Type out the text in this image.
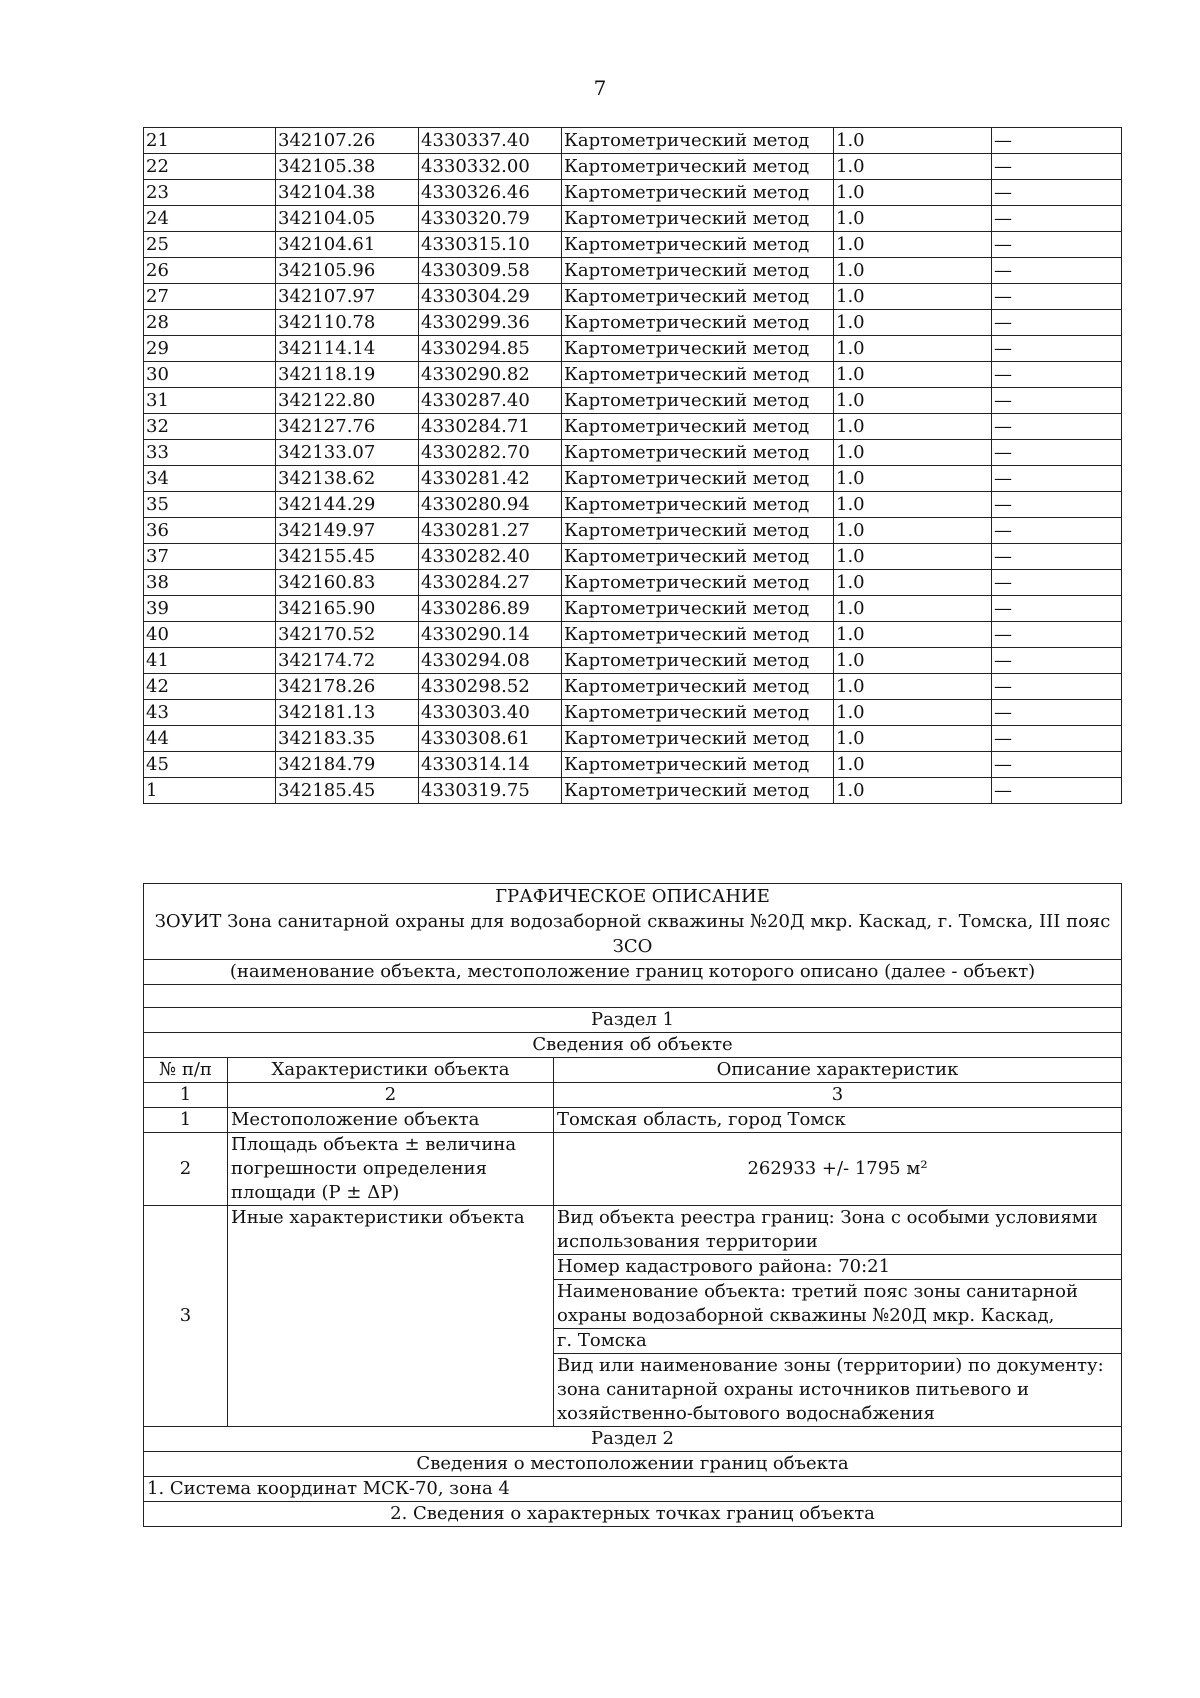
7
21	342107.26	4330337.40	Картометрический метод	1.0	—
22	342105.38	4330332.00	Картометрический метод	1.0	—
23	342104.38	4330326.46	Картометрический метод	1.0	—
24	342104.05	4330320.79	Картометрический метод	1.0	—
25	342104.61	4330315.10	Картометрический метод	1.0	—
26	342105.96	4330309.58	Картометрический метод	1.0	—
27	342107.97	4330304.29	Картометрический метод	1.0	—
28	342110.78	4330299.36	Картометрический метод	1.0	—
29	342114.14	4330294.85	Картометрический метод	1.0	—
30	342118.19	4330290.82	Картометрический метод	1.0	—
31	342122.80	4330287.40	Картометрический метод	1.0	—
32	342127.76	4330284.71	Картометрический метод	1.0	—
33	342133.07	4330282.70	Картометрический метод	1.0	—
34	342138.62	4330281.42	Картометрический метод	1.0	—
35	342144.29	4330280.94	Картометрический метод	1.0	—
36	342149.97	4330281.27	Картометрический метод	1.0	—
37	342155.45	4330282.40	Картометрический метод	1.0	—
38	342160.83	4330284.27	Картометрический метод	1.0	—
39	342165.90	4330286.89	Картометрический метод	1.0	—
40	342170.52	4330290.14	Картометрический метод	1.0	—
41	342174.72	4330294.08	Картометрический метод	1.0	—
42	342178.26	4330298.52	Картометрический метод	1.0	—
43	342181.13	4330303.40	Картометрический метод	1.0	—
44	342183.35	4330308.61	Картометрический метод	1.0	—
45	342184.79	4330314.14	Картометрический метод	1.0	—
1	342185.45	4330319.75	Картометрический метод	1.0	—
ГРАФИЧЕСКОЕ ОПИСАНИЕ
ЗОУИТ Зона санитарной охраны для водозаборной скважины №20Д мкр. Каскад, г. Томска, III пояс ЗСО		

(наименование объекта, местоположение границ которого описано (далее - объект)		

Раздел 1		
Сведения об объекте		
№ п/п	Характеристики объекта	Описание характеристик
1	2	3
1	Местоположение объекта	Томская область, город Томск
2	Площадь объекта ± величина погрешности определения площади (Р ± ΔР)	262933 +/- 1795 м²
3	Иные характеристики объекта	Вид объекта реестра границ: Зона с особыми условиями использования территории
Номер кадастрового района: 70:21
Наименование объекта: третий пояс зоны санитарной охраны водозаборной скважины №20Д мкр. Каскад,
г. Томска
Вид или наименование зоны (территории) по документу: зона санитарной охраны источников питьевого и хозяйственно-бытового водоснабжения

Раздел 2		
Сведения о местоположении границ объекта		
1. Система координат МСК-70, зона 4		
2. Сведения о характерных точках границ объекта		
